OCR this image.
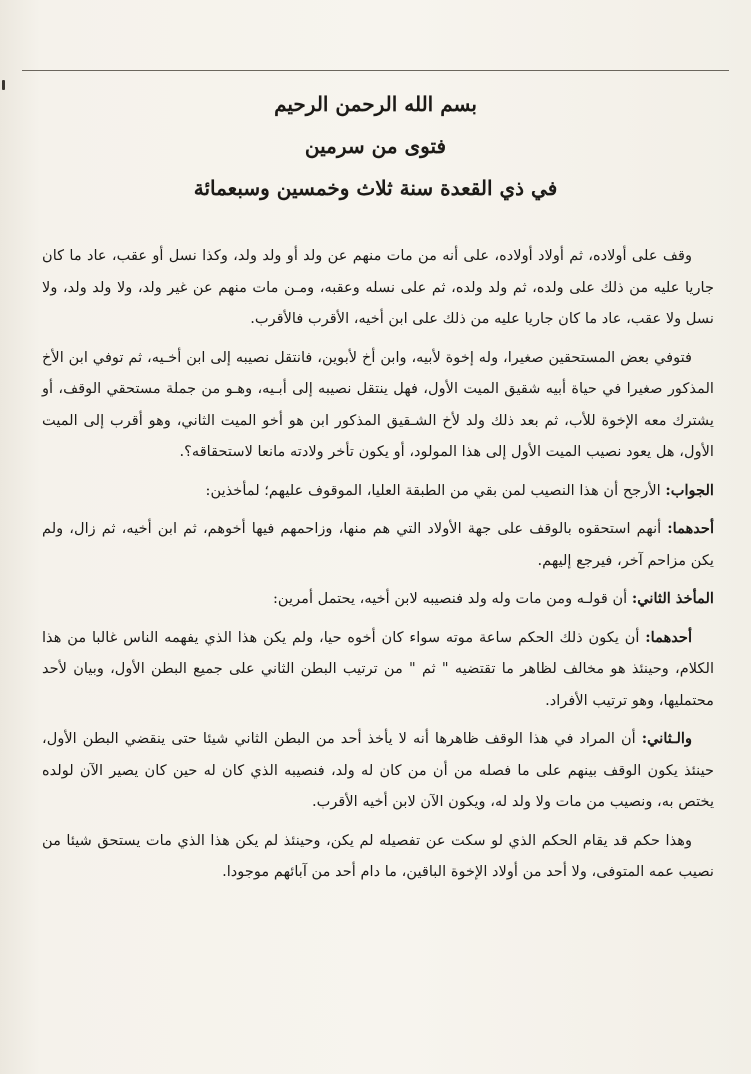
بسم الله الرحمن الرحيم
فتوى من سرمين
في ذي القعدة سنة ثلاث وخمسين وسبعمائة

وقف على أولاده، ثم أولاد أولاده، على أنه من مات منهم عن ولد أو ولد ولد، وكذا نسل أو عقب، عاد ما كان جاريا عليه من ذلك على ولده، ثم ولد ولده، ثم على نسله وعقبه، ومـن مات منهم عن غير ولد، ولا ولد ولد، ولا نسل ولا عقب، عاد ما كان جاريا عليه من ذلك على ابن أخيه، الأقرب فالأقرب.

فتوفي بعض المستحقين صغيرا، وله إخوة لأبيه، وابن أخ لأبوين، فانتقل نصيبه إلى ابن أخـيه، ثم توفي ابن الأخ المذكور صغيرا في حياة أبيه شقيق الميت الأول، فهل ينتقل نصيبه إلى أبـيه، وهـو من جملة مستحقي الوقف، أو يشترك معه الإخوة للأب، ثم بعد ذلك ولد لأخ الشـقيق المذكور ابن هو أخو الميت الثاني، وهو أقرب إلى الميت الأول، هل يعود نصيب الميت الأول إلى هذا المولود، أو يكون تأخر ولادته مانعا لاستحقاقه؟.

الجواب: الأرجح أن هذا النصيب لمن بقي من الطبقة العليا، الموقوف عليهم؛ لمأخذين:

أحدهما: أنهم استحقوه بالوقف على جهة الأولاد التي هم منها، وزاحمهم فيها أخوهم، ثم ابن أخيه، ثم زال، ولم يكن مزاحم آخر، فيرجع إليهم.

المأخذ الثاني: أن قولـه ومن مات وله ولد فنصيبه لابن أخيه، يحتمل أمرين:

أحدهما: أن يكون ذلك الحكم ساعة موته سواء كان أخوه حيا، ولم يكن هذا الذي يفهمه الناس غالبا من هذا الكلام، وحينئذ هو مخالف لظاهر ما تقتضيه " ثم " من ترتيب البطن الثاني على جميع البطن الأول، وبيان لأحد محتمليها، وهو ترتيب الأفراد.

والـثاني: أن المراد في هذا الوقف ظاهرها أنه لا يأخذ أحد من البطن الثاني شيئا حتى ينقضي البطن الأول، حينئذ يكون الوقف بينهم على ما فصله من أن من كان له ولد، فنصيبه الذي كان له حين كان يصير الآن لولده يختص به، ونصيب من مات ولا ولد له، ويكون الآن لابن أخيه الأقرب.

وهذا حكم قد يقام الحكم الذي لو سكت عن تفصيله لم يكن، وحينئذ لم يكن هذا الذي مات يستحق شيئا من نصيب عمه المتوفى، ولا أحد من أولاد الإخوة الباقين، ما دام أحد من آبائهم موجودا.
